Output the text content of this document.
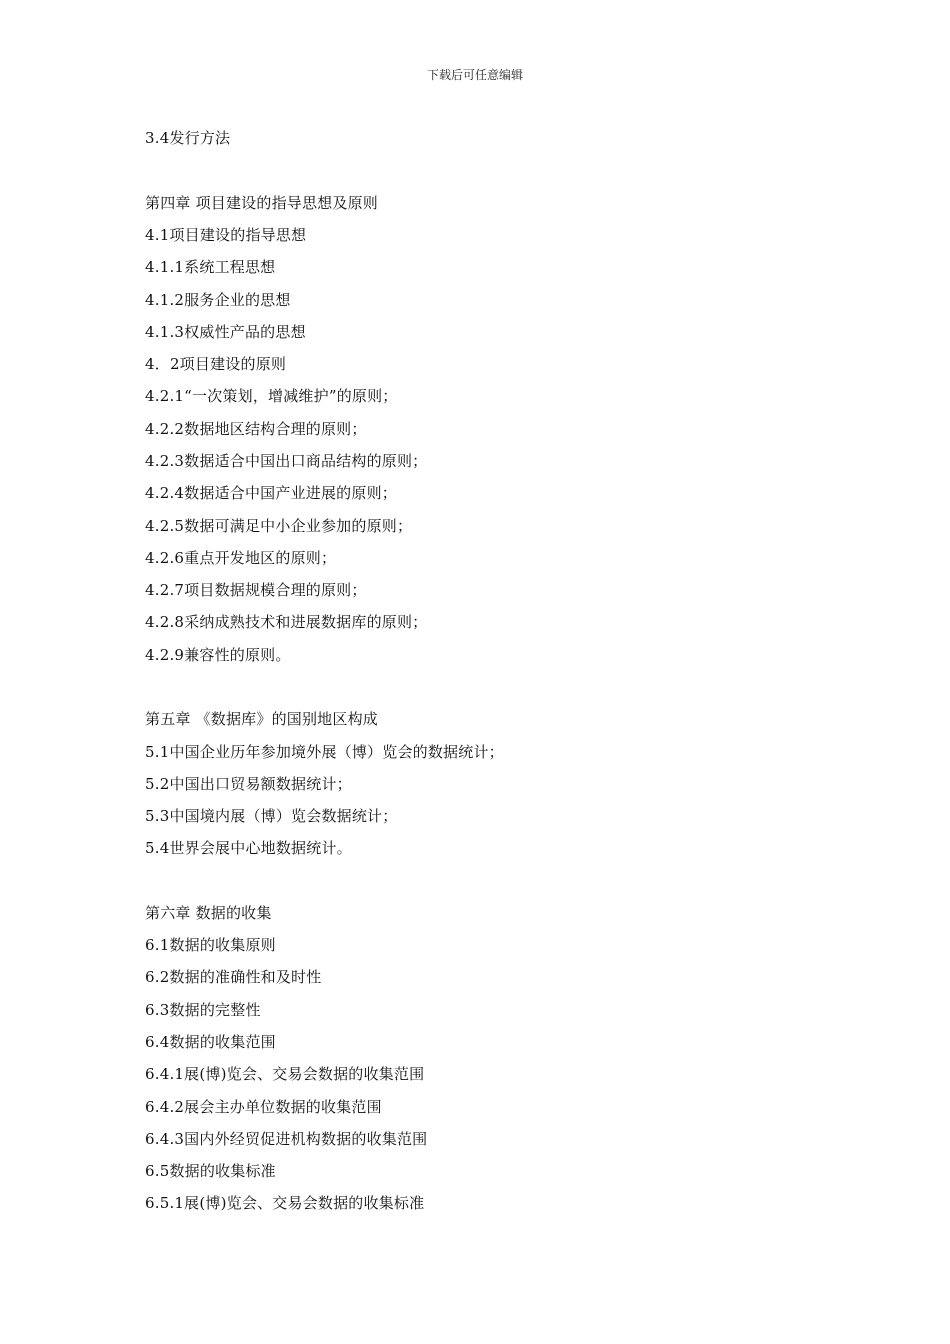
下载后可任意编辑
3.4发行方法
第四章 项目建设的指导思想及原则
4.1项目建设的指导思想
4.1.1系统工程思想
4.1.2服务企业的思想
4.1.3权威性产品的思想
4．2项目建设的原则
4.2.1“一次策划，增减维护”的原则；
4.2.2数据地区结构合理的原则；
4.2.3数据适合中国出口商品结构的原则；
4.2.4数据适合中国产业进展的原则；
4.2.5数据可满足中小企业参加的原则；
4.2.6重点开发地区的原则；
4.2.7项目数据规模合理的原则；
4.2.8采纳成熟技术和进展数据库的原则；
4.2.9兼容性的原则。
第五章 《数据库》的国别地区构成
5.1中国企业历年参加境外展（博）览会的数据统计；
5.2中国出口贸易额数据统计；
5.3中国境内展（博）览会数据统计；
5.4世界会展中心地数据统计。
第六章 数据的收集
6.1数据的收集原则
6.2数据的准确性和及时性
6.3数据的完整性
6.4数据的收集范围
6.4.1展(博)览会、交易会数据的收集范围
6.4.2展会主办单位数据的收集范围
6.4.3国内外经贸促进机构数据的收集范围
6.5数据的收集标准
6.5.1展(博)览会、交易会数据的收集标准
